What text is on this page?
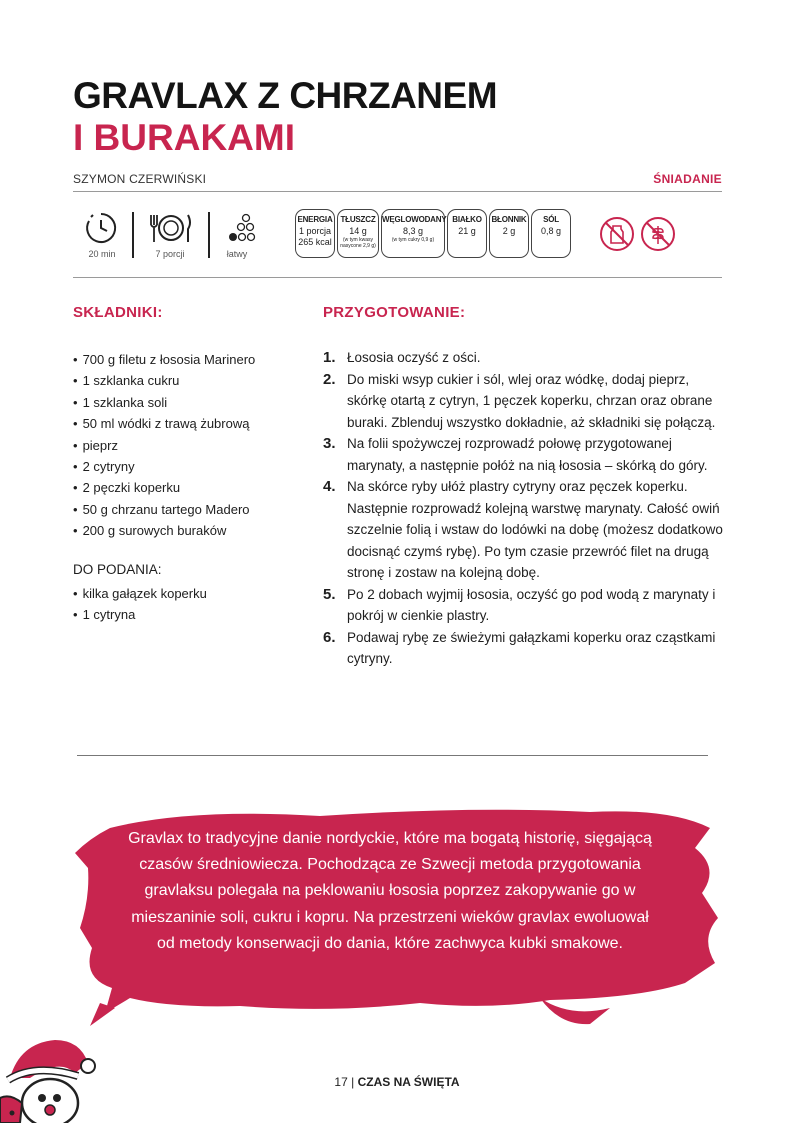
GRAVLAX Z CHRZANEM
I BURAKAMI
SZYMON CZERWIŃSKI	ŚNIADANIE
20 min	7 porcji	łatwy
ENERGIA
1 porcja
265 kcal
TŁUSZCZ
14 g
(w tym kwasy
nasycone 2,9 g)
WĘGLOWODANY
8,3 g
(w tym cukry 0,9 g)
BIAŁKO
21 g
BŁONNIK
2 g
SÓL
0,8 g
SKŁADNIKI:
• 700 g filetu z łososia Marinero
• 1 szklanka cukru
• 1 szklanka soli
• 50 ml wódki z trawą żubrową
• pieprz
• 2 cytryny
• 2 pęczki koperku
• 50 g chrzanu tartego Madero
• 200 g surowych buraków
DO PODANIA:
• kilka gałązek koperku
• 1 cytryna
PRZYGOTOWANIE:
1. Łososia oczyść z ości.
2. Do miski wsyp cukier i sól, wlej oraz wódkę, dodaj pieprz, skórkę otartą z cytryn, 1 pęczek koperku, chrzan oraz obrane buraki. Zblenduj wszystko dokładnie, aż składniki się połączą.
3. Na folii spożywczej rozprowadź połowę przygotowanej marynaty, a następnie połóż na nią łososia – skórką do góry.
4. Na skórce ryby ułóż plastry cytryny oraz pęczek koperku. Następnie rozprowadź kolejną warstwę marynaty. Całość owiń szczelnie folią i wstaw do lodówki na dobę (możesz dodatkowo docisnąć czymś rybę). Po tym czasie przewróć filet na drugą stronę i zostaw na kolejną dobę.
5. Po 2 dobach wyjmij łososia, oczyść go pod wodą z marynaty i pokrój w cienkie plastry.
6. Podawaj rybę ze świeżymi gałązkami koperku oraz cząstkami cytryny.
Gravlax to tradycyjne danie nordyckie, które ma bogatą historię, sięgającą czasów średniowiecza. Pochodząca ze Szwecji metoda przygotowania gravlaksu polegała na peklowaniu łososia poprzez zakopywanie go w mieszaninie soli, cukru i kopru. Na przestrzeni wieków gravlax ewoluował od metody konserwacji do dania, które zachwyca kubki smakowe.
17 | CZAS NA ŚWIĘTA
